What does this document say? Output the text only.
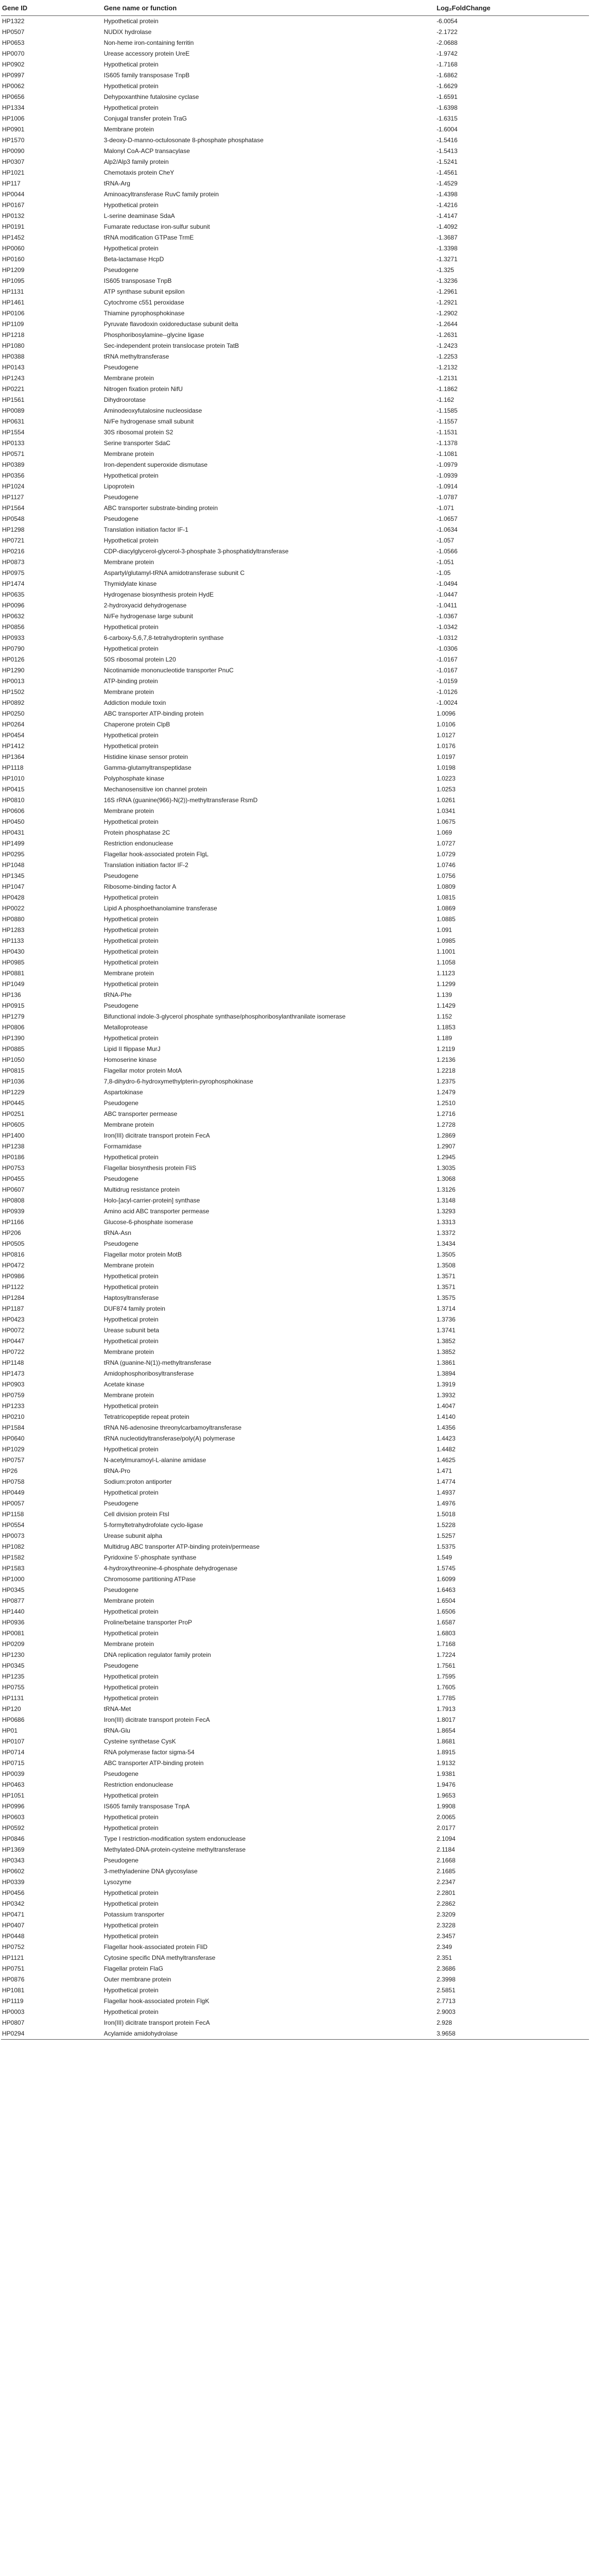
Gene ID	Gene name or function	Log₂FoldChange
HP1322	Hypothetical protein	-6.0054
HP0507	NUDIX hydrolase	-2.1722
HP0653	Non-heme iron-containing ferritin	-2.0688
HP0070	Urease accessory protein UreE	-1.9742
HP0902	Hypothetical protein	-1.7168
HP0997	IS605 family transposase TnpB	-1.6862
HP0062	Hypothetical protein	-1.6629
HP0656	Dehypoxanthine futalosine cyclase	-1.6591
HP1334	Hypothetical protein	-1.6398
HP1006	Conjugal transfer protein TraG	-1.6315
HP0901	Membrane protein	-1.6004
HP1570	3-deoxy-D-manno-octulosonate 8-phosphate phosphatase	-1.5416
HP0090	Malonyl CoA-ACP transacylase	-1.5413
HP0307	Alp2/Alp3 family protein	-1.5241
HP1021	Chemotaxis protein CheY	-1.4561
HP117	tRNA-Arg	-1.4529
HP0044	Aminoacyltransferase RuvC family protein	-1.4398
HP0167	Hypothetical protein	-1.4216
HP0132	L-serine deaminase SdaA	-1.4147
HP0191	Fumarate reductase iron-sulfur subunit	-1.4092
HP1452	tRNA modification GTPase TrmE	-1.3687
HP0060	Hypothetical protein	-1.3398
HP0160	Beta-lactamase HcpD	-1.3271
HP1209	Pseudogene	-1.325
HP1095	IS605 transposase TnpB	-1.3236
HP1131	ATP synthase subunit epsilon	-1.2961
HP1461	Cytochrome c551 peroxidase	-1.2921
HP0106	Thiamine pyrophosphokinase	-1.2902
HP1109	Pyruvate flavodoxin oxidoreductase subunit delta	-1.2644
HP1218	Phosphoribosylamine--glycine ligase	-1.2631
HP1080	Sec-independent protein translocase protein TatB	-1.2423
HP0388	tRNA methyltransferase	-1.2253
HP0143	Pseudogene	-1.2132
HP1243	Membrane protein	-1.2131
HP0221	Nitrogen fixation protein NifU	-1.1862
HP1561	Dihydroorotase	-1.162
HP0089	Aminodeoxyfutalosine nucleosidase	-1.1585
HP0631	Ni/Fe hydrogenase small subunit	-1.1557
HP1554	30S ribosomal protein S2	-1.1531
HP0133	Serine transporter SdaC	-1.1378
HP0571	Membrane protein	-1.1081
HP0389	Iron-dependent superoxide dismutase	-1.0979
HP0356	Hypothetical protein	-1.0939
HP1024	Lipoprotein	-1.0914
HP1127	Pseudogene	-1.0787
HP1564	ABC transporter substrate-binding protein	-1.071
HP0548	Pseudogene	-1.0657
HP1298	Translation initiation factor IF-1	-1.0634
HP0721	Hypothetical protein	-1.057
HP0216	CDP-diacylglycerol-glycerol-3-phosphate 3-phosphatidyltransferase	-1.0566
HP0873	Membrane protein	-1.051
HP0975	Aspartyl/glutamyl-tRNA amidotransferase subunit C	-1.05
HP1474	Thymidylate kinase	-1.0494
HP0635	Hydrogenase biosynthesis protein HydE	-1.0447
HP0096	2-hydroxyacid dehydrogenase	-1.0411
HP0632	Ni/Fe hydrogenase large subunit	-1.0367
HP0856	Hypothetical protein	-1.0342
HP0933	6-carboxy-5,6,7,8-tetrahydropterin synthase	-1.0312
HP0790	Hypothetical protein	-1.0306
HP0126	50S ribosomal protein L20	-1.0167
HP1290	Nicotinamide mononucleotide transporter PnuC	-1.0167
HP0013	ATP-binding protein	-1.0159
HP1502	Membrane protein	-1.0126
HP0892	Addiction module toxin	-1.0024
HP0250	ABC transporter ATP-binding protein	1.0096
HP0264	Chaperone protein ClpB	1.0106
HP0454	Hypothetical protein	1.0127
HP1412	Hypothetical protein	1.0176
HP1364	Histidine kinase sensor protein	1.0197
HP1118	Gamma-glutamyltranspeptidase	1.0198
HP1010	Polyphosphate kinase	1.0223
HP0415	Mechanosensitive ion channel protein	1.0253
HP0810	16S rRNA (guanine(966)-N(2))-methyltransferase RsmD	1.0261
HP0606	Membrane protein	1.0341
HP0450	Hypothetical protein	1.0675
HP0431	Protein phosphatase 2C	1.069
HP1499	Restriction endonuclease	1.0727
HP0295	Flagellar hook-associated protein FlgL	1.0729
HP1048	Translation initiation factor IF-2	1.0746
HP1345	Pseudogene	1.0756
HP1047	Ribosome-binding factor A	1.0809
HP0428	Hypothetical protein	1.0815
HP0022	Lipid A phosphoethanolamine transferase	1.0869
HP0880	Hypothetical protein	1.0885
HP1283	Hypothetical protein	1.091
HP1133	Hypothetical protein	1.0985
HP0430	Hypothetical protein	1.1001
HP0985	Hypothetical protein	1.1058
HP0881	Membrane protein	1.1123
HP1049	Hypothetical protein	1.1299
HP136	tRNA-Phe	1.139
HP0915	Pseudogene	1.1429
HP1279	Bifunctional indole-3-glycerol phosphate synthase/phosphoribosylanthranilate isomerase	1.152
HP0806	Metalloprotease	1.1853
HP1390	Hypothetical protein	1.189
HP0885	Lipid II flippase MurJ	1.2119
HP1050	Homoserine kinase	1.2136
HP0815	Flagellar motor protein MotA	1.2218
HP1036	7,8-dihydro-6-hydroxymethylpterin-pyrophosphokinase	1.2375
HP1229	Aspartokinase	1.2479
HP0445	Pseudogene	1.2510
HP0251	ABC transporter permease	1.2716
HP0605	Membrane protein	1.2728
HP1400	Iron(III) dicitrate transport protein FecA	1.2869
HP1238	Formamidase	1.2907
HP0186	Hypothetical protein	1.2945
HP0753	Flagellar biosynthesis protein FliS	1.3035
HP0455	Pseudogene	1.3068
HP0607	Multidrug resistance protein	1.3126
HP0808	Holo-[acyl-carrier-protein] synthase	1.3148
HP0939	Amino acid ABC transporter permease	1.3293
HP1166	Glucose-6-phosphate isomerase	1.3313
HP206	tRNA-Asn	1.3372
HP0505	Pseudogene	1.3434
HP0816	Flagellar motor protein MotB	1.3505
HP0472	Membrane protein	1.3508
HP0986	Hypothetical protein	1.3571
HP1122	Hypothetical protein	1.3571
HP1284	Haptosyltransferase	1.3575
HP1187	DUF874 family protein	1.3714
HP0423	Hypothetical protein	1.3736
HP0072	Urease subunit beta	1.3741
HP0447	Hypothetical protein	1.3852
HP0722	Membrane protein	1.3852
HP1148	tRNA (guanine-N(1))-methyltransferase	1.3861
HP1473	Amidophosphoribosyltransferase	1.3894
HP0903	Acetate kinase	1.3919
HP0759	Membrane protein	1.3932
HP1233	Hypothetical protein	1.4047
HP0210	Tetratricopeptide repeat protein	1.4140
HP1584	tRNA N6-adenosine threonylcarbamoyltransferase	1.4356
HP0640	tRNA nucleotidyltransferase/poly(A) polymerase	1.4423
HP1029	Hypothetical protein	1.4482
HP0757	N-acetylmuramoyl-L-alanine amidase	1.4625
HP26	tRNA-Pro	1.471
HP0758	Sodium:proton antiporter	1.4774
HP0449	Hypothetical protein	1.4937
HP0057	Pseudogene	1.4976
HP1158	Cell division protein FtsI	1.5018
HP0554	5-formyltetrahydrofolate cyclo-ligase	1.5228
HP0073	Urease subunit alpha	1.5257
HP1082	Multidrug ABC transporter ATP-binding protein/permease	1.5375
HP1582	Pyridoxine 5'-phosphate synthase	1.549
HP1583	4-hydroxythreonine-4-phosphate dehydrogenase	1.5745
HP1000	Chromosome partitioning ATPase	1.6099
HP0345	Pseudogene	1.6463
HP0877	Membrane protein	1.6504
HP1440	Hypothetical protein	1.6506
HP0936	Proline/betaine transporter ProP	1.6587
HP0081	Hypothetical protein	1.6803
HP0209	Membrane protein	1.7168
HP1230	DNA replication regulator family protein	1.7224
HP0345	Pseudogene	1.7561
HP1235	Hypothetical protein	1.7595
HP0755	Hypothetical protein	1.7605
HP1131	Hypothetical protein	1.7785
HP120	tRNA-Met	1.7913
HP0686	Iron(III) dicitrate transport protein FecA	1.8017
HP01	tRNA-Glu	1.8654
HP0107	Cysteine synthetase CysK	1.8681
HP0714	RNA polymerase factor sigma-54	1.8915
HP0715	ABC transporter ATP-binding protein	1.9132
HP0039	Pseudogene	1.9381
HP0463	Restriction endonuclease	1.9476
HP1051	Hypothetical protein	1.9653
HP0996	IS605 family transposase TnpA	1.9908
HP0603	Hypothetical protein	2.0065
HP0592	Hypothetical protein	2.0177
HP0846	Type I restriction-modification system endonuclease	2.1094
HP1369	Methylated-DNA-protein-cysteine methyltransferase	2.1184
HP0343	Pseudogene	2.1668
HP0602	3-methyladenine DNA glycosylase	2.1685
HP0339	Lysozyme	2.2347
HP0456	Hypothetical protein	2.2801
HP0342	Hypothetical protein	2.2862
HP0471	Potassium transporter	2.3209
HP0407	Hypothetical protein	2.3228
HP0448	Hypothetical protein	2.3457
HP0752	Flagellar hook-associated protein FliD	2.349
HP1121	Cytosine specific DNA methyltransferase	2.351
HP0751	Flagellar protein FlaG	2.3686
HP0876	Outer membrane protein	2.3998
HP1081	Hypothetical protein	2.5851
HP1119	Flagellar hook-associated protein FlgK	2.7713
HP0003	Hypothetical protein	2.9003
HP0807	Iron(III) dicitrate transport protein FecA	2.928
HP0294	Acylamide amidohydrolase	3.9658
